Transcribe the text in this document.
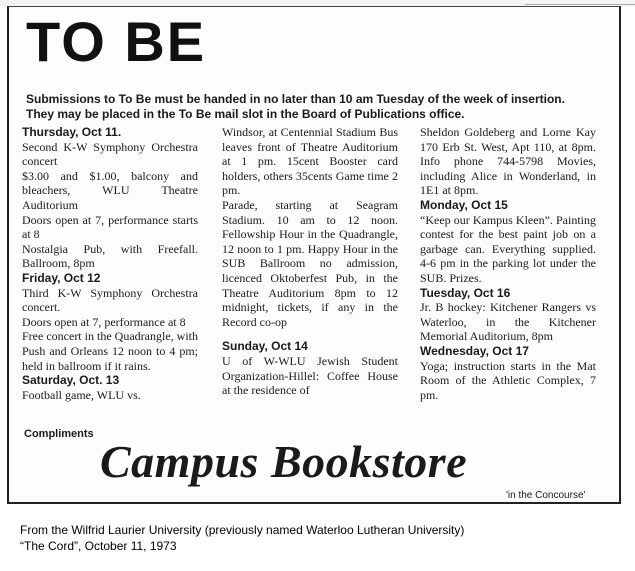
TO BE
Submissions to To Be must be handed in no later than 10 am Tuesday of the week of insertion. They may be placed in the To Be mail slot in the Board of Publications office.
Thursday, Oct 11.
Second K-W Symphony Orchestra concert
$3.00 and $1.00, balcony and bleachers, WLU Theatre Auditorium
Doors open at 7, performance starts at 8
Nostalgia Pub, with Freefall. Ballroom, 8pm
Friday, Oct 12
Third K-W Symphony Orchestra concert.
Doors open at 7, performance at 8
Free concert in the Quadrangle, with Push and Orleans 12 noon to 4 pm; held in ballroom if it rains.
Saturday, Oct. 13
Football game, WLU vs.
Windsor, at Centennial Stadium Bus leaves front of Theatre Auditorium at 1 pm. 15cent Booster card holders, others 35cents Game time 2 pm.
Parade, starting at Seagram Stadium. 10 am to 12 noon. Fellowship Hour in the Quadrangle, 12 noon to 1 pm. Happy Hour in the SUB Ballroom no admission, licenced Oktoberfest Pub, in the Theatre Auditorium 8pm to 12 midnight, tickets, if any in the Record co-op
Sunday, Oct 14
U of W-WLU Jewish Student Organization-Hillel: Coffee House at the residence of
Sheldon Goldeberg and Lorne Kay 170 Erb St. West, Apt 110, at 8pm. Info phone 744-5798 Movies, including Alice in Wonderland, in 1E1 at 8pm.
Monday, Oct 15
“Keep our Kampus Kleen”. Painting contest for the best paint job on a garbage can. Everything supplied. 4-6 pm in the parking lot under the SUB. Prizes.
Tuesday, Oct 16
Jr. B hockey: Kitchener Rangers vs Waterloo, in the Kitchener Memorial Auditorium, 8pm
Wednesday, Oct 17
Yoga; instruction starts in the Mat Room of the Athletic Complex, 7 pm.
Compliments
Campus Bookstore
'in the Concourse'
From the Wilfrid Laurier University (previously named Waterloo Lutheran University)
“The Cord”, October 11, 1973
